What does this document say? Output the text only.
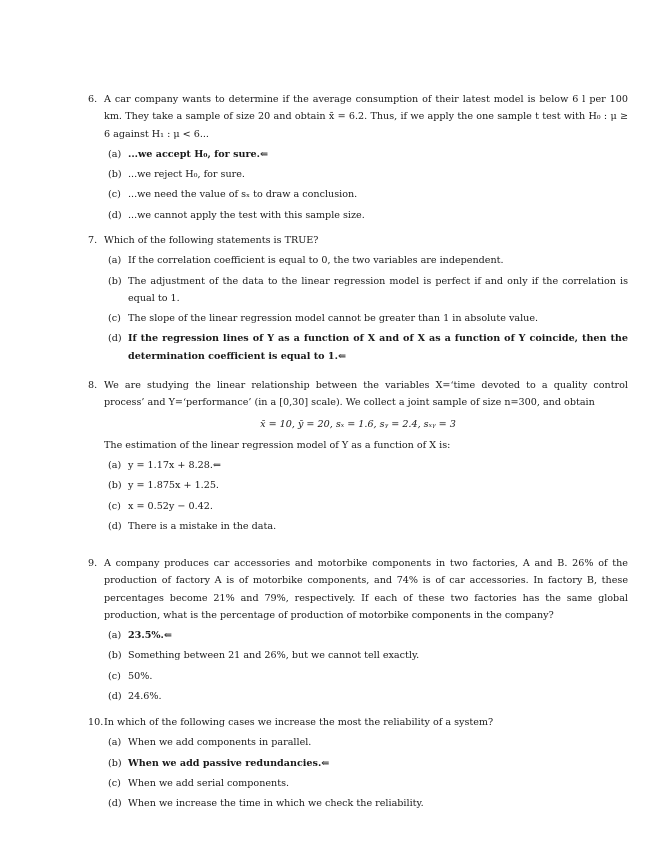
6. A car company wants to determine if the average consumption of their latest model is below 6 l per 100 km. They take a sample of size 20 and obtain x̄ = 6.2. Thus, if we apply the one sample t test with H₀ : μ ≥ 6 against H₁ : μ < 6...
(a) ...we accept H₀, for sure.⇐
(b) ...we reject H₀, for sure.
(c) ...we need the value of sₓ to draw a conclusion.
(d) ...we cannot apply the test with this sample size.
7. Which of the following statements is TRUE?
(a) If the correlation coefficient is equal to 0, the two variables are independent.
(b) The adjustment of the data to the linear regression model is perfect if and only if the correlation is equal to 1.
(c) The slope of the linear regression model cannot be greater than 1 in absolute value.
(d) If the regression lines of Y as a function of X and of X as a function of Y coincide, then the determination coefficient is equal to 1.⇐
8. We are studying the linear relationship between the variables X=‘time devoted to a quality control process’ and Y=‘performance’ (in a [0,30] scale). We collect a joint sample of size n=300, and obtain
x̄ = 10, ȳ = 20, sₓ = 1.6, sᵧ = 2.4, sₓᵧ = 3
The estimation of the linear regression model of Y as a function of X is:
(a) y = 1.17x + 8.28.⇐
(b) y = 1.875x + 1.25.
(c) x = 0.52y − 0.42.
(d) There is a mistake in the data.
9. A company produces car accessories and motorbike components in two factories, A and B. 26% of the production of factory A is of motorbike components, and 74% is of car accessories. In factory B, these percentages become 21% and 79%, respectively. If each of these two factories has the same global production, what is the percentage of production of motorbike components in the company?
(a) 23.5%.⇐
(b) Something between 21 and 26%, but we cannot tell exactly.
(c) 50%.
(d) 24.6%.
10. In which of the following cases we increase the most the reliability of a system?
(a) When we add components in parallel.
(b) When we add passive redundancies.⇐
(c) When we add serial components.
(d) When we increase the time in which we check the reliability.
